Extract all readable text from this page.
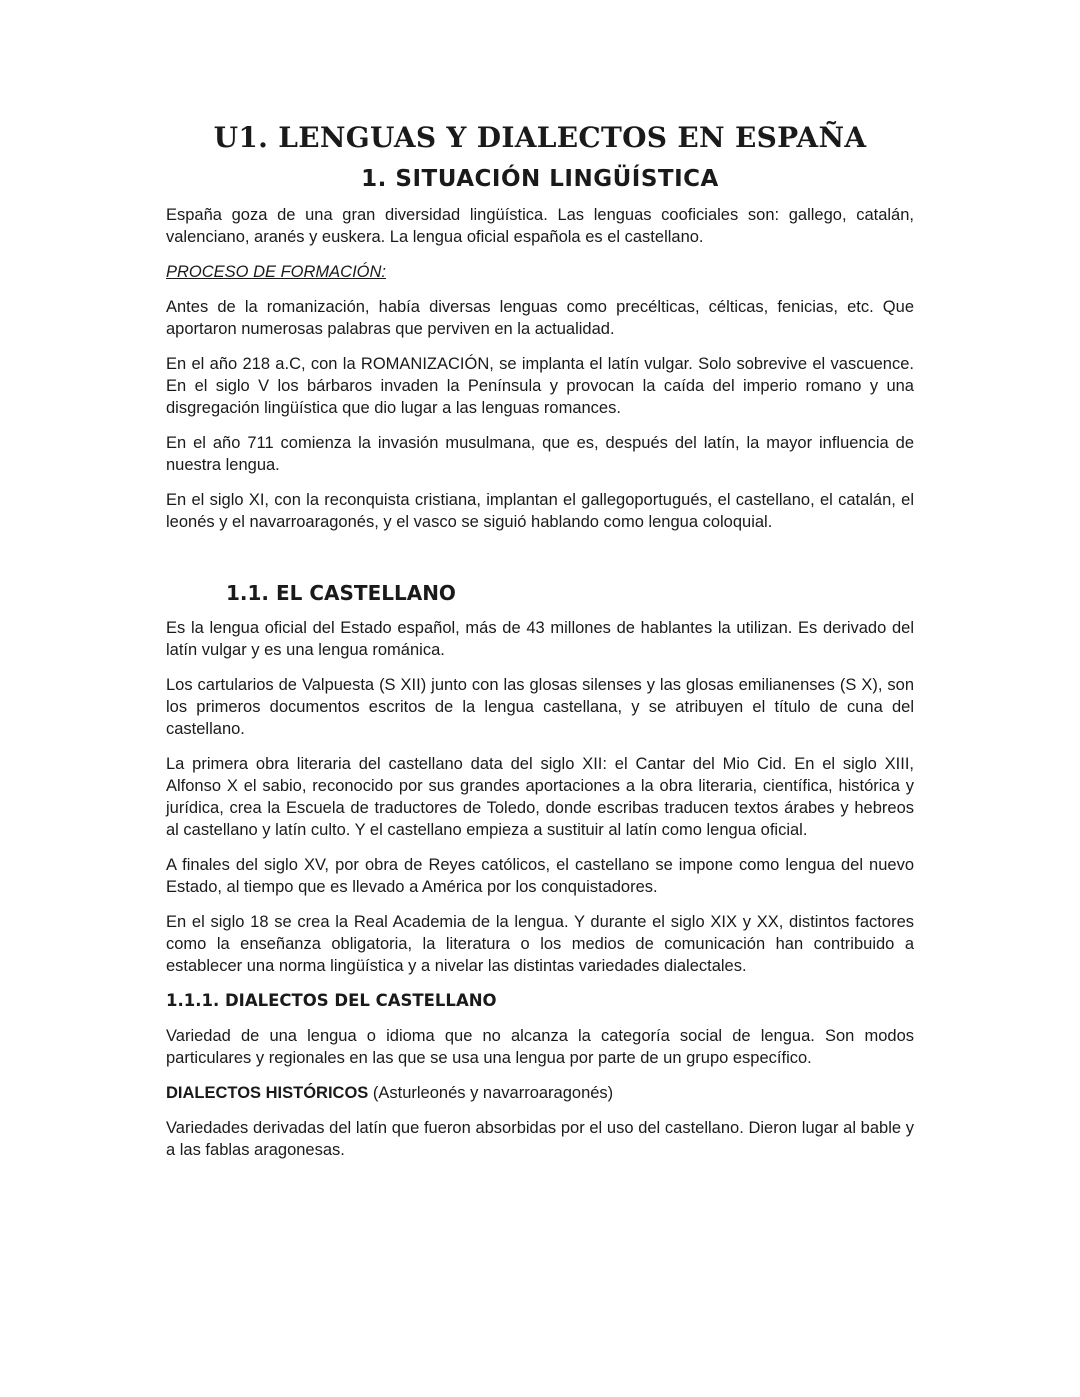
U1. LENGUAS Y DIALECTOS EN ESPAÑA
1. SITUACIÓN LINGÜÍSTICA

España goza de una gran diversidad lingüística. Las lenguas cooficiales son: gallego, catalán, valenciano, aranés y euskera. La lengua oficial española es el castellano.

PROCESO DE FORMACIÓN:

Antes de la romanización, había diversas lenguas como precélticas, célticas, fenicias, etc. Que aportaron numerosas palabras que perviven en la actualidad.

En el año 218 a.C, con la ROMANIZACIÓN, se implanta el latín vulgar. Solo sobrevive el vascuence. En el siglo V los bárbaros invaden la Península y provocan la caída del imperio romano y una disgregación lingüística que dio lugar a las lenguas romances.

En el año 711 comienza la invasión musulmana, que es, después del latín, la mayor influencia de nuestra lengua.

En el siglo XI, con la reconquista cristiana, implantan el gallegoportugués, el castellano, el catalán, el leonés y el navarroaragonés, y el vasco se siguió hablando como lengua coloquial.

1.1. EL CASTELLANO

Es la lengua oficial del Estado español, más de 43 millones de hablantes la utilizan. Es derivado del latín vulgar y es una lengua románica.

Los cartularios de Valpuesta (S XII) junto con las glosas silenses y las glosas emilianenses (S X), son los primeros documentos escritos de la lengua castellana, y se atribuyen el título de cuna del castellano.

La primera obra literaria del castellano data del siglo XII: el Cantar del Mio Cid. En el siglo XIII, Alfonso X el sabio, reconocido por sus grandes aportaciones a la obra literaria, científica, histórica y jurídica, crea la Escuela de traductores de Toledo, donde escribas traducen textos árabes y hebreos al castellano y latín culto. Y el castellano empieza a sustituir al latín como lengua oficial.

A finales del siglo XV, por obra de Reyes católicos, el castellano se impone como lengua del nuevo Estado, al tiempo que es llevado a América por los conquistadores.

En el siglo 18 se crea la Real Academia de la lengua. Y durante el siglo XIX y XX, distintos factores como la enseñanza obligatoria, la literatura o los medios de comunicación han contribuido a establecer una norma lingüística y a nivelar las distintas variedades dialectales.

1.1.1. DIALECTOS DEL CASTELLANO

Variedad de una lengua o idioma que no alcanza la categoría social de lengua. Son modos particulares y regionales en las que se usa una lengua por parte de un grupo específico.

DIALECTOS HISTÓRICOS (Asturleonés y navarroaragonés)

Variedades derivadas del latín que fueron absorbidas por el uso del castellano. Dieron lugar al bable y a las fablas aragonesas.
